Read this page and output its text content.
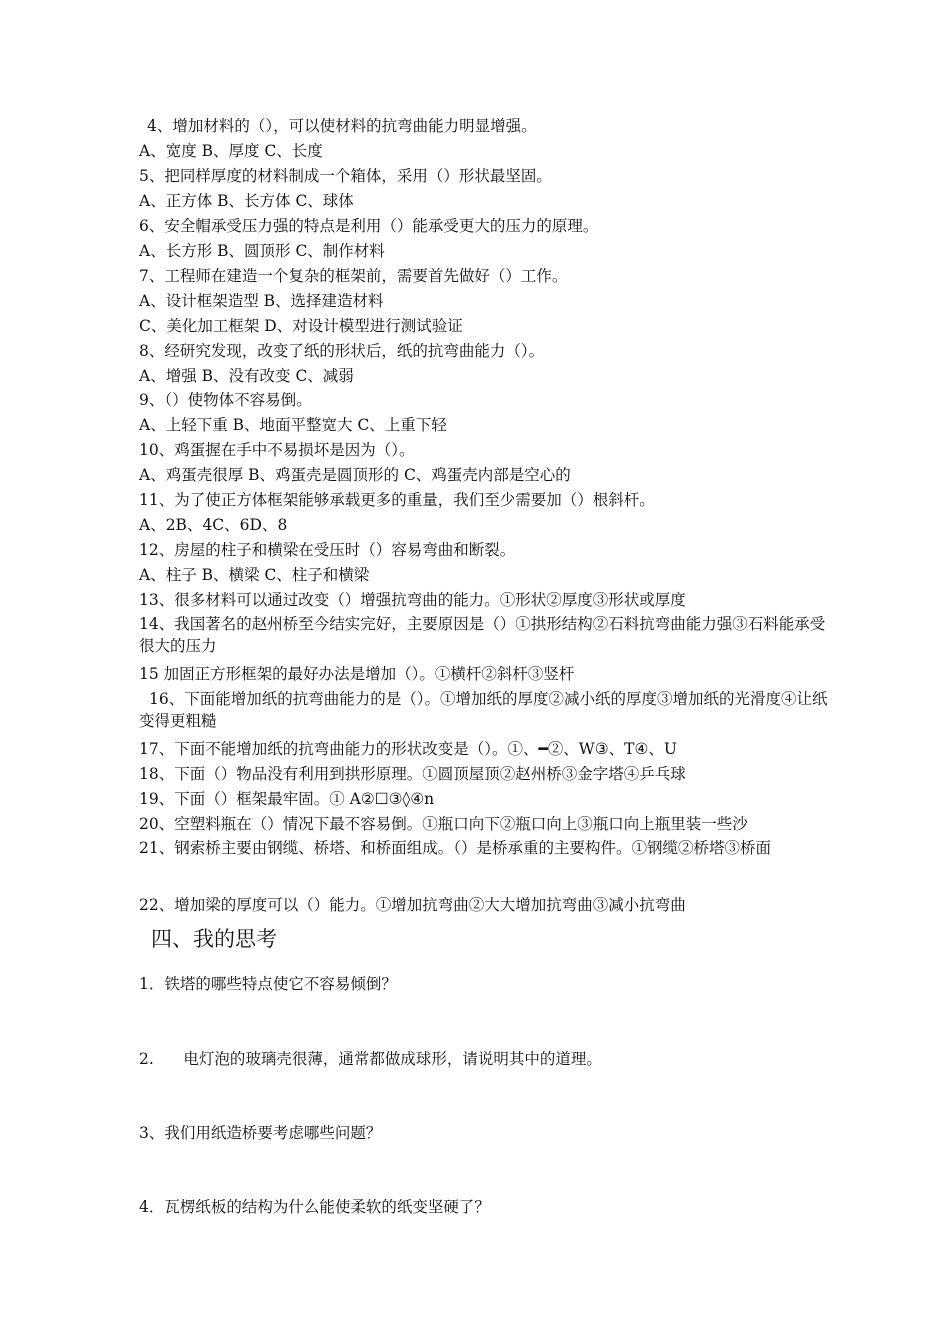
4、增加材料的（），可以使材料的抗弯曲能力明显增强。
A、宽度 B、厚度 C、长度
5、把同样厚度的材料制成一个箱体，采用（）形状最坚固。
A、正方体 B、长方体 C、球体
6、安全帽承受压力强的特点是利用（）能承受更大的压力的原理。
A、长方形 B、圆顶形 C、制作材料
7、工程师在建造一个复杂的框架前，需要首先做好（）工作。
A、设计框架造型 B、选择建造材料
C、美化加工框架 D、对设计模型进行测试验证
8、经研究发现，改变了纸的形状后，纸的抗弯曲能力（）。
A、增强 B、没有改变 C、减弱
9、（）使物体不容易倒。
A、上轻下重 B、地面平整宽大 C、上重下轻
10、鸡蛋握在手中不易损坏是因为（）。
A、鸡蛋壳很厚 B、鸡蛋壳是圆顶形的 C、鸡蛋壳内部是空心的
11、为了使正方体框架能够承载更多的重量，我们至少需要加（）根斜杆。
A、2B、4C、6D、8
12、房屋的柱子和横梁在受压时（）容易弯曲和断裂。
A、柱子 B、横梁 C、柱子和横梁
13、很多材料可以通过改变（）增强抗弯曲的能力。①形状②厚度③形状或厚度
14、我国著名的赵州桥至今结实完好，主要原因是（）①拱形结构②石料抗弯曲能力强③石料能承受很大的压力
15 加固正方形框架的最好办法是增加（）。①横杆②斜杆③竖杆
16、下面能增加纸的抗弯曲能力的是（）。①增加纸的厚度②减小纸的厚度③增加纸的光滑度④让纸变得更粗糙
17、下面不能增加纸的抗弯曲能力的形状改变是（）。①、━②、W③、T④、U
18、下面（）物品没有利用到拱形原理。①圆顶屋顶②赵州桥③金字塔④乒乓球
19、下面（）框架最牢固。① A②☐③◊④n
20、空塑料瓶在（）情况下最不容易倒。①瓶口向下②瓶口向上③瓶口向上瓶里装一些沙
21、钢索桥主要由钢缆、桥塔、和桥面组成。（）是桥承重的主要构件。①钢缆②桥塔③桥面
22、增加梁的厚度可以（）能力。①增加抗弯曲②大大增加抗弯曲③减小抗弯曲
四、我的思考
1．铁塔的哪些特点使它不容易倾倒？
2.      电灯泡的玻璃壳很薄，通常都做成球形，请说明其中的道理。
3、我们用纸造桥要考虑哪些问题？
4．瓦楞纸板的结构为什么能使柔软的纸变坚硬了？
